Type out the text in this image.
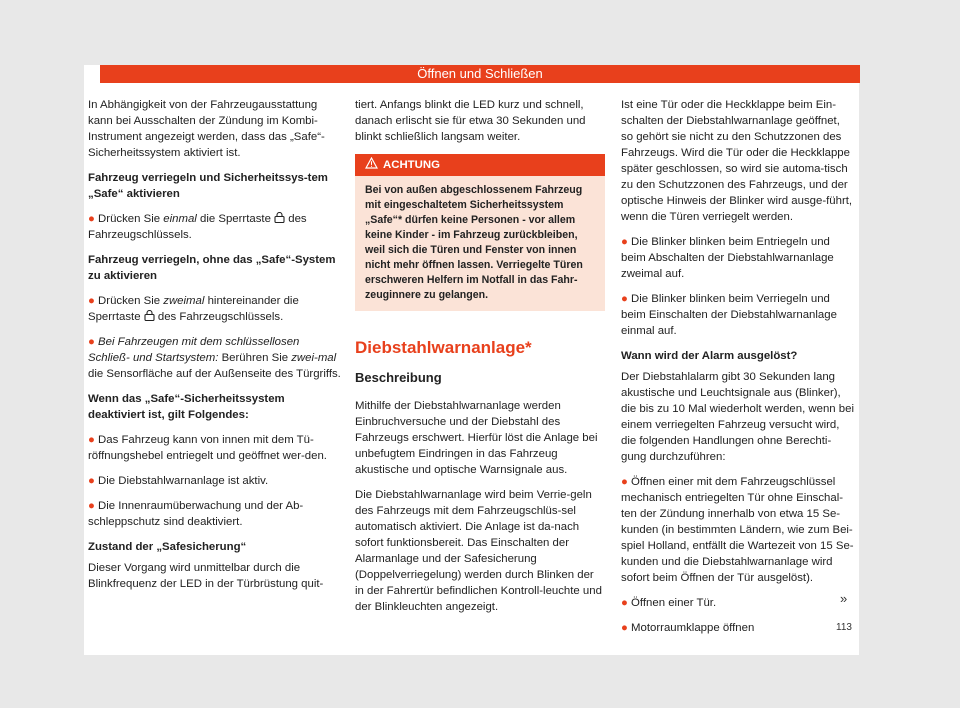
Öffnen und Schließen

In Abhängigkeit von der Fahrzeugausstattung kann bei Ausschalten der Zündung im Kombi-Instrument angezeigt werden, dass das „Safe“-Sicherheitssystem aktiviert ist.

Fahrzeug verriegeln und Sicherheitssys-tem „Safe“ aktivieren

● Drücken Sie einmal die Sperrtaste  des Fahrzeugschlüssels.

Fahrzeug verriegeln, ohne das „Safe“-System zu aktivieren

● Drücken Sie zweimal hintereinander die Sperrtaste  des Fahrzeugschlüssels.

● Bei Fahrzeugen mit dem schlüssellosen Schließ- und Startsystem: Berühren Sie zwei-mal die Sensorfläche auf der Außenseite des Türgriffs.

Wenn das „Safe“-Sicherheitssystem deaktiviert ist, gilt Folgendes:

● Das Fahrzeug kann von innen mit dem Tü-röffnungshebel entriegelt und geöffnet wer-den.

● Die Diebstahlwarnanlage ist aktiv.

● Die Innenraumüberwachung und der Ab-schleppschutz sind deaktiviert.

Zustand der „Safesicherung“

Dieser Vorgang wird unmittelbar durch die Blinkfrequenz der LED in der Türbrüstung quit-

tiert. Anfangs blinkt die LED kurz und schnell, danach erlischt sie für etwa 30 Sekunden und blinkt schließlich langsam weiter.

ACHTUNG
Bei von außen abgeschlossenem Fahrzeug mit eingeschaltetem Sicherheitssystem „Safe“* dürfen keine Personen - vor allem keine Kinder - im Fahrzeug zurückbleiben, weil sich die Türen und Fenster von innen nicht mehr öffnen lassen. Verriegelte Türen erschweren Helfern im Notfall in das Fahr-zeuginnere zu gelangen.
Diebstahlwarnanlage*
Beschreibung

Mithilfe der Diebstahlwarnanlage werden Einbruchversuche und der Diebstahl des Fahrzeugs erschwert. Hierfür löst die Anlage bei unbefugtem Eindringen in das Fahrzeug akustische und optische Warnsignale aus.

Die Diebstahlwarnanlage wird beim Verrie-geln des Fahrzeugs mit dem Fahrzeugschlüs-sel automatisch aktiviert. Die Anlage ist da-nach sofort funktionsbereit. Das Einschalten der Alarmanlage und der Safesicherung (Doppelverriegelung) werden durch Blinken der in der Fahrertür befindlichen Kontroll-leuchte und der Blinkleuchten angezeigt.

Ist eine Tür oder die Heckklappe beim Ein-schalten der Diebstahlwarnanlage geöffnet, so gehört sie nicht zu den Schutzzonen des Fahrzeugs. Wird die Tür oder die Heckklappe später geschlossen, so wird sie automa-tisch zu den Schutzzonen des Fahrzeugs, und der optische Hinweis der Blinker wird ausge-führt, wenn die Türen verriegelt werden.

● Die Blinker blinken beim Entriegeln und beim Abschalten der Diebstahlwarnanlage zweimal auf.

● Die Blinker blinken beim Verriegeln und beim Einschalten der Diebstahlwarnanlage einmal auf.

Wann wird der Alarm ausgelöst?

Der Diebstahlalarm gibt 30 Sekunden lang akustische und Leuchtsignale aus (Blinker), die bis zu 10 Mal wiederholt werden, wenn bei einem verriegelten Fahrzeug versucht wird, die folgenden Handlungen ohne Berechti-gung durchzuführen:

● Öffnen einer mit dem Fahrzeugschlüssel mechanisch entriegelten Tür ohne Einschal-ten der Zündung innerhalb von etwa 15 Se-kunden (in bestimmten Ländern, wie zum Bei-spiel Holland, entfällt die Wartezeit von 15 Se-kunden und die Diebstahlwarnanlage wird sofort beim Öffnen der Tür ausgelöst).

● Öffnen einer Tür.

● Motorraumklappe öffnen

»
113
